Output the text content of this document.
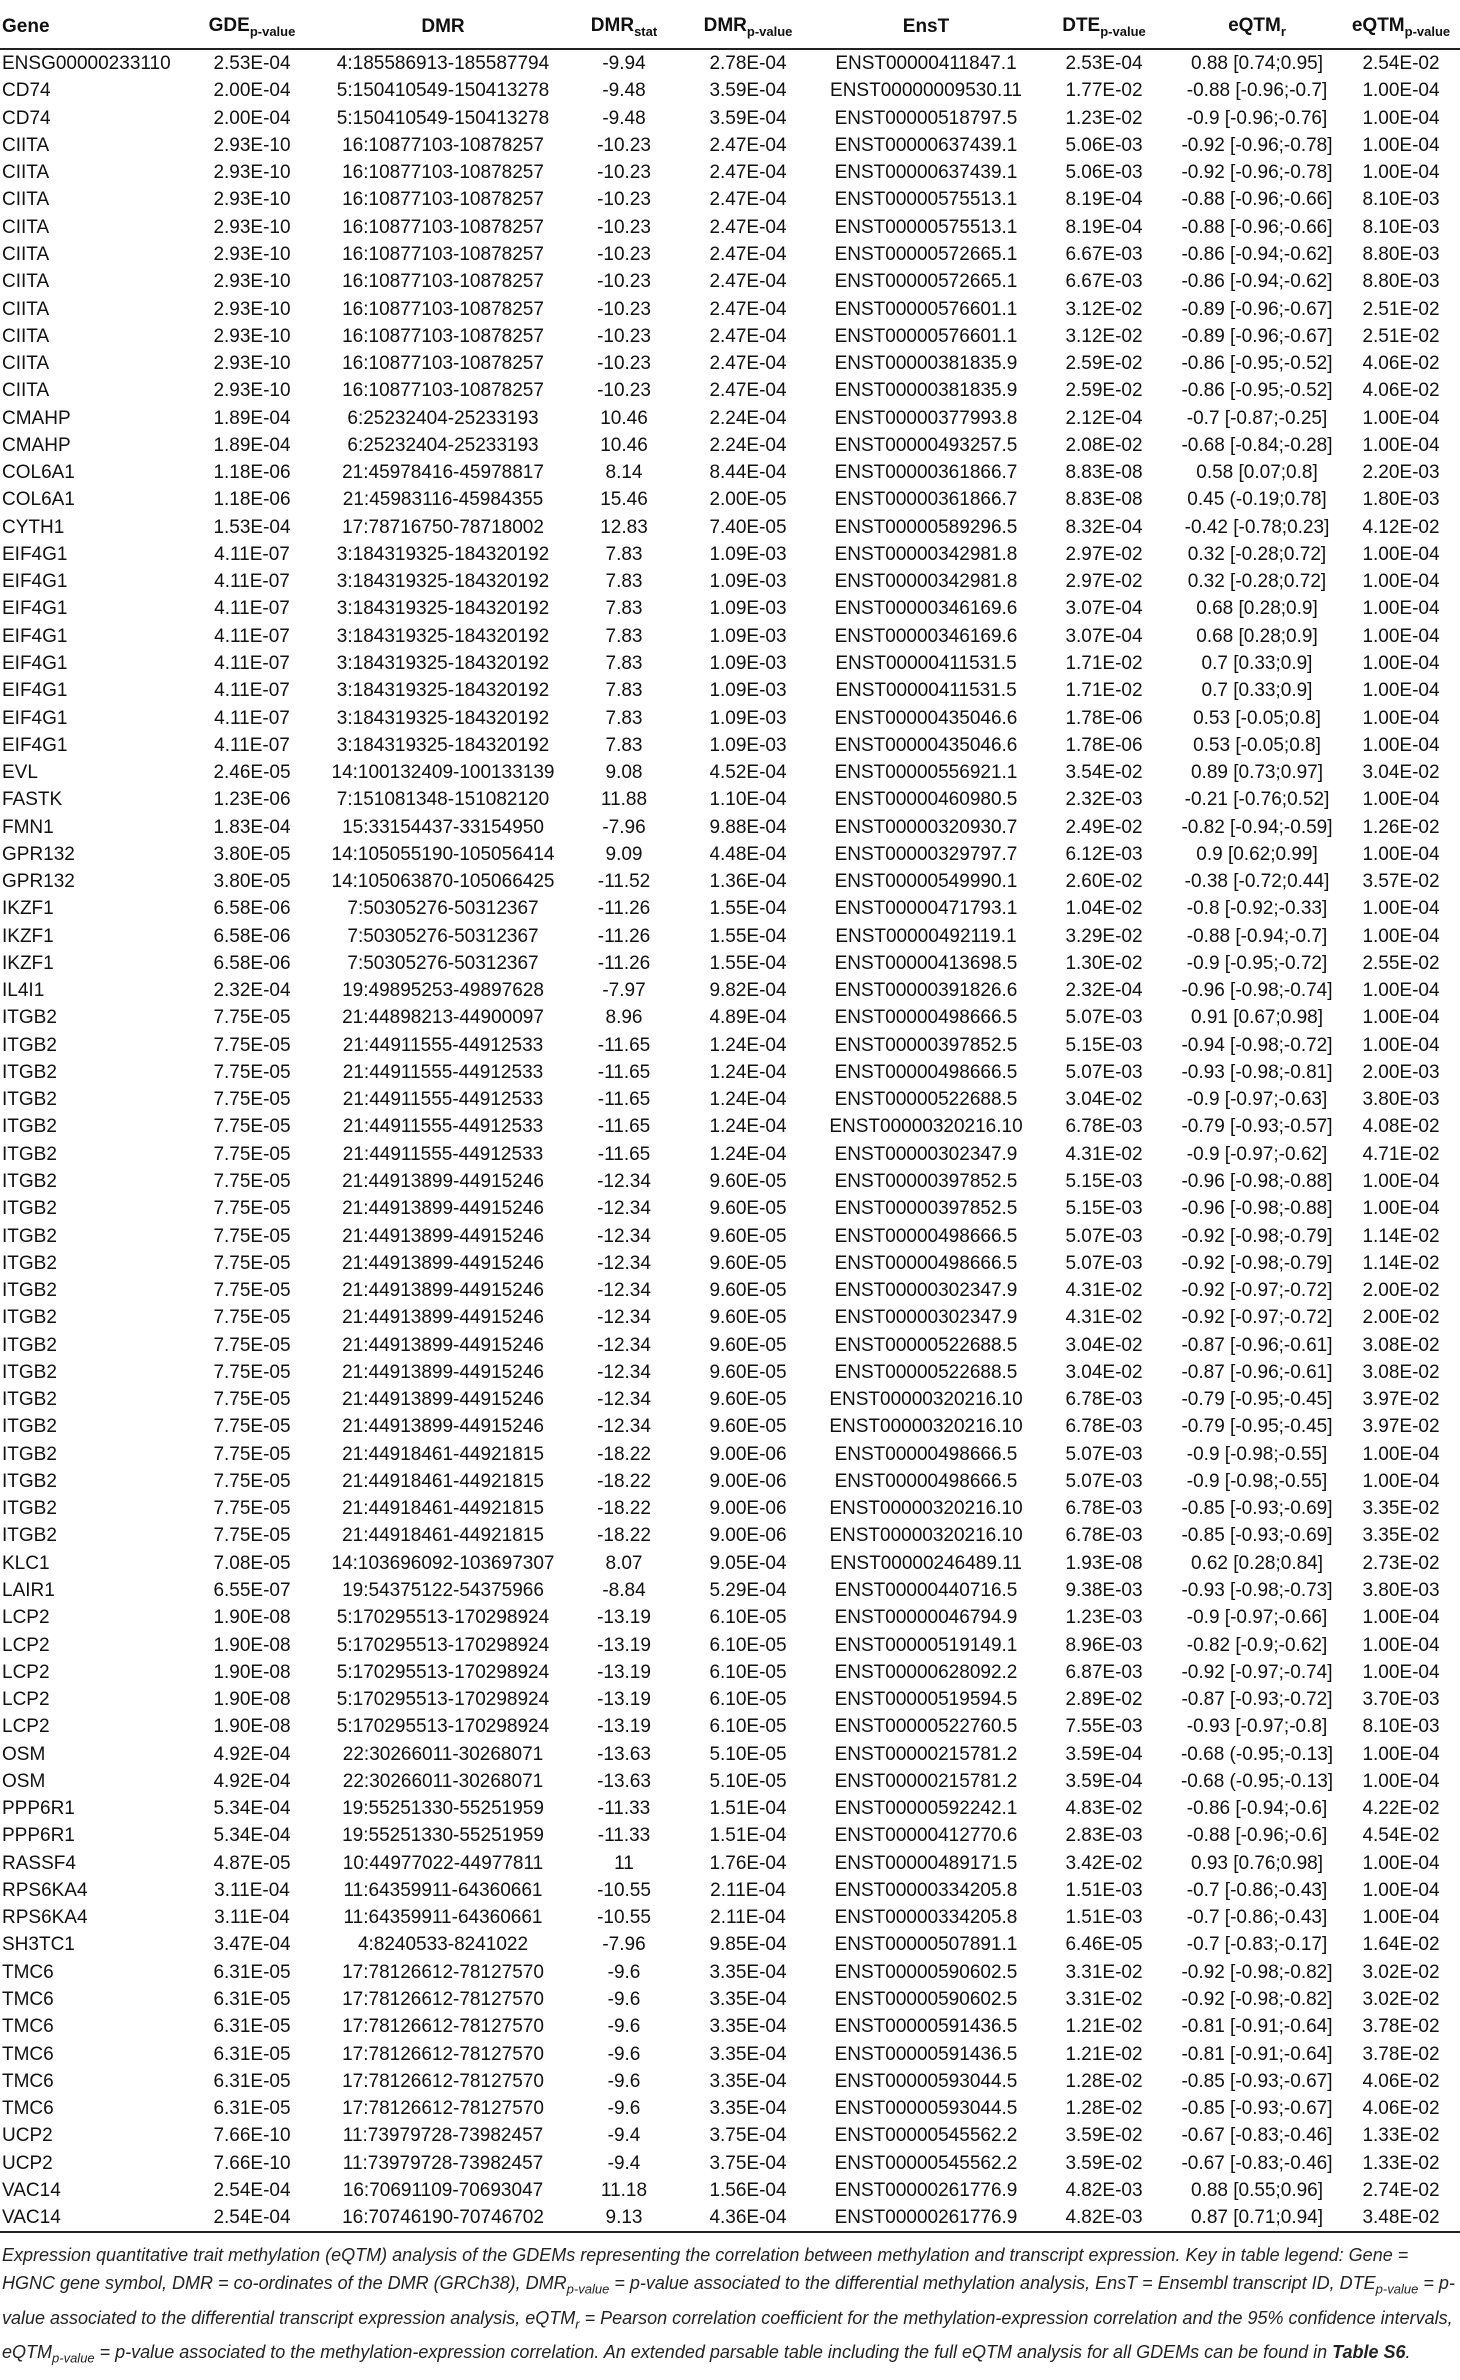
Gene	$GDE_{p-value}$	DMR	$DMR_{stat}$	$DMR_{p-value}$	EnsT	$DTE_{p-value}$	eQTM$_r$	eQTM$_{p-value}$
ENSG00000233110	2.53E-04	4:185586913-185587794	-9.94	2.78E-04	ENST00000411847.1	2.53E-04	0.88 [0.74;0.95]	2.54E-02
CD74	2.00E-04	5:150410549-150413278	-9.48	3.59E-04	ENST00000009530.11	1.77E-02	-0.88 [-0.96;-0.7]	1.00E-04
CD74	2.00E-04	5:150410549-150413278	-9.48	3.59E-04	ENST00000518797.5	1.23E-02	-0.9 [-0.96;-0.76]	1.00E-04
CIITA	2.93E-10	16:10877103-10878257	-10.23	2.47E-04	ENST00000637439.1	5.06E-03	-0.92 [-0.96;-0.78]	1.00E-04
CIITA	2.93E-10	16:10877103-10878257	-10.23	2.47E-04	ENST00000637439.1	5.06E-03	-0.92 [-0.96;-0.78]	1.00E-04
CIITA	2.93E-10	16:10877103-10878257	-10.23	2.47E-04	ENST00000575513.1	8.19E-04	-0.88 [-0.96;-0.66]	8.10E-03
CIITA	2.93E-10	16:10877103-10878257	-10.23	2.47E-04	ENST00000575513.1	8.19E-04	-0.88 [-0.96;-0.66]	8.10E-03
CIITA	2.93E-10	16:10877103-10878257	-10.23	2.47E-04	ENST00000572665.1	6.67E-03	-0.86 [-0.94;-0.62]	8.80E-03
CIITA	2.93E-10	16:10877103-10878257	-10.23	2.47E-04	ENST00000572665.1	6.67E-03	-0.86 [-0.94;-0.62]	8.80E-03
CIITA	2.93E-10	16:10877103-10878257	-10.23	2.47E-04	ENST00000576601.1	3.12E-02	-0.89 [-0.96;-0.67]	2.51E-02
CIITA	2.93E-10	16:10877103-10878257	-10.23	2.47E-04	ENST00000576601.1	3.12E-02	-0.89 [-0.96;-0.67]	2.51E-02
CIITA	2.93E-10	16:10877103-10878257	-10.23	2.47E-04	ENST00000381835.9	2.59E-02	-0.86 [-0.95;-0.52]	4.06E-02
CIITA	2.93E-10	16:10877103-10878257	-10.23	2.47E-04	ENST00000381835.9	2.59E-02	-0.86 [-0.95;-0.52]	4.06E-02
CMAHP	1.89E-04	6:25232404-25233193	10.46	2.24E-04	ENST00000377993.8	2.12E-04	-0.7 [-0.87;-0.25]	1.00E-04
CMAHP	1.89E-04	6:25232404-25233193	10.46	2.24E-04	ENST00000493257.5	2.08E-02	-0.68 [-0.84;-0.28]	1.00E-04
COL6A1	1.18E-06	21:45978416-45978817	8.14	8.44E-04	ENST00000361866.7	8.83E-08	0.58 [0.07;0.8]	2.20E-03
COL6A1	1.18E-06	21:45983116-45984355	15.46	2.00E-05	ENST00000361866.7	8.83E-08	0.45 (-0.19;0.78]	1.80E-03
CYTH1	1.53E-04	17:78716750-78718002	12.83	7.40E-05	ENST00000589296.5	8.32E-04	-0.42 [-0.78;0.23]	4.12E-02
EIF4G1	4.11E-07	3:184319325-184320192	7.83	1.09E-03	ENST00000342981.8	2.97E-02	0.32 [-0.28;0.72]	1.00E-04
EIF4G1	4.11E-07	3:184319325-184320192	7.83	1.09E-03	ENST00000342981.8	2.97E-02	0.32 [-0.28;0.72]	1.00E-04
EIF4G1	4.11E-07	3:184319325-184320192	7.83	1.09E-03	ENST00000346169.6	3.07E-04	0.68 [0.28;0.9]	1.00E-04
EIF4G1	4.11E-07	3:184319325-184320192	7.83	1.09E-03	ENST00000346169.6	3.07E-04	0.68 [0.28;0.9]	1.00E-04
EIF4G1	4.11E-07	3:184319325-184320192	7.83	1.09E-03	ENST00000411531.5	1.71E-02	0.7 [0.33;0.9]	1.00E-04
EIF4G1	4.11E-07	3:184319325-184320192	7.83	1.09E-03	ENST00000411531.5	1.71E-02	0.7 [0.33;0.9]	1.00E-04
EIF4G1	4.11E-07	3:184319325-184320192	7.83	1.09E-03	ENST00000435046.6	1.78E-06	0.53 [-0.05;0.8]	1.00E-04
EIF4G1	4.11E-07	3:184319325-184320192	7.83	1.09E-03	ENST00000435046.6	1.78E-06	0.53 [-0.05;0.8]	1.00E-04
EVL	2.46E-05	14:100132409-100133139	9.08	4.52E-04	ENST00000556921.1	3.54E-02	0.89 [0.73;0.97]	3.04E-02
FASTK	1.23E-06	7:151081348-151082120	11.88	1.10E-04	ENST00000460980.5	2.32E-03	-0.21 [-0.76;0.52]	1.00E-04
FMN1	1.83E-04	15:33154437-33154950	-7.96	9.88E-04	ENST00000320930.7	2.49E-02	-0.82 [-0.94;-0.59]	1.26E-02
GPR132	3.80E-05	14:105055190-105056414	9.09	4.48E-04	ENST00000329797.7	6.12E-03	0.9 [0.62;0.99]	1.00E-04
GPR132	3.80E-05	14:105063870-105066425	-11.52	1.36E-04	ENST00000549990.1	2.60E-02	-0.38 [-0.72;0.44]	3.57E-02
IKZF1	6.58E-06	7:50305276-50312367	-11.26	1.55E-04	ENST00000471793.1	1.04E-02	-0.8 [-0.92;-0.33]	1.00E-04
IKZF1	6.58E-06	7:50305276-50312367	-11.26	1.55E-04	ENST00000492119.1	3.29E-02	-0.88 [-0.94;-0.7]	1.00E-04
IKZF1	6.58E-06	7:50305276-50312367	-11.26	1.55E-04	ENST00000413698.5	1.30E-02	-0.9 [-0.95;-0.72]	2.55E-02
IL4I1	2.32E-04	19:49895253-49897628	-7.97	9.82E-04	ENST00000391826.6	2.32E-04	-0.96 [-0.98;-0.74]	1.00E-04
ITGB2	7.75E-05	21:44898213-44900097	8.96	4.89E-04	ENST00000498666.5	5.07E-03	0.91 [0.67;0.98]	1.00E-04
ITGB2	7.75E-05	21:44911555-44912533	-11.65	1.24E-04	ENST00000397852.5	5.15E-03	-0.94 [-0.98;-0.72]	1.00E-04
ITGB2	7.75E-05	21:44911555-44912533	-11.65	1.24E-04	ENST00000498666.5	5.07E-03	-0.93 [-0.98;-0.81]	2.00E-03
ITGB2	7.75E-05	21:44911555-44912533	-11.65	1.24E-04	ENST00000522688.5	3.04E-02	-0.9 [-0.97;-0.63]	3.80E-03
ITGB2	7.75E-05	21:44911555-44912533	-11.65	1.24E-04	ENST00000320216.10	6.78E-03	-0.79 [-0.93;-0.57]	4.08E-02
ITGB2	7.75E-05	21:44911555-44912533	-11.65	1.24E-04	ENST00000302347.9	4.31E-02	-0.9 [-0.97;-0.62]	4.71E-02
ITGB2	7.75E-05	21:44913899-44915246	-12.34	9.60E-05	ENST00000397852.5	5.15E-03	-0.96 [-0.98;-0.88]	1.00E-04
ITGB2	7.75E-05	21:44913899-44915246	-12.34	9.60E-05	ENST00000397852.5	5.15E-03	-0.96 [-0.98;-0.88]	1.00E-04
ITGB2	7.75E-05	21:44913899-44915246	-12.34	9.60E-05	ENST00000498666.5	5.07E-03	-0.92 [-0.98;-0.79]	1.14E-02
ITGB2	7.75E-05	21:44913899-44915246	-12.34	9.60E-05	ENST00000498666.5	5.07E-03	-0.92 [-0.98;-0.79]	1.14E-02
ITGB2	7.75E-05	21:44913899-44915246	-12.34	9.60E-05	ENST00000302347.9	4.31E-02	-0.92 [-0.97;-0.72]	2.00E-02
ITGB2	7.75E-05	21:44913899-44915246	-12.34	9.60E-05	ENST00000302347.9	4.31E-02	-0.92 [-0.97;-0.72]	2.00E-02
ITGB2	7.75E-05	21:44913899-44915246	-12.34	9.60E-05	ENST00000522688.5	3.04E-02	-0.87 [-0.96;-0.61]	3.08E-02
ITGB2	7.75E-05	21:44913899-44915246	-12.34	9.60E-05	ENST00000522688.5	3.04E-02	-0.87 [-0.96;-0.61]	3.08E-02
ITGB2	7.75E-05	21:44913899-44915246	-12.34	9.60E-05	ENST00000320216.10	6.78E-03	-0.79 [-0.95;-0.45]	3.97E-02
ITGB2	7.75E-05	21:44913899-44915246	-12.34	9.60E-05	ENST00000320216.10	6.78E-03	-0.79 [-0.95;-0.45]	3.97E-02
ITGB2	7.75E-05	21:44918461-44921815	-18.22	9.00E-06	ENST00000498666.5	5.07E-03	-0.9 [-0.98;-0.55]	1.00E-04
ITGB2	7.75E-05	21:44918461-44921815	-18.22	9.00E-06	ENST00000498666.5	5.07E-03	-0.9 [-0.98;-0.55]	1.00E-04
ITGB2	7.75E-05	21:44918461-44921815	-18.22	9.00E-06	ENST00000320216.10	6.78E-03	-0.85 [-0.93;-0.69]	3.35E-02
ITGB2	7.75E-05	21:44918461-44921815	-18.22	9.00E-06	ENST00000320216.10	6.78E-03	-0.85 [-0.93;-0.69]	3.35E-02
KLC1	7.08E-05	14:103696092-103697307	8.07	9.05E-04	ENST00000246489.11	1.93E-08	0.62 [0.28;0.84]	2.73E-02
LAIR1	6.55E-07	19:54375122-54375966	-8.84	5.29E-04	ENST00000440716.5	9.38E-03	-0.93 [-0.98;-0.73]	3.80E-03
LCP2	1.90E-08	5:170295513-170298924	-13.19	6.10E-05	ENST00000046794.9	1.23E-03	-0.9 [-0.97;-0.66]	1.00E-04
LCP2	1.90E-08	5:170295513-170298924	-13.19	6.10E-05	ENST00000519149.1	8.96E-03	-0.82 [-0.9;-0.62]	1.00E-04
LCP2	1.90E-08	5:170295513-170298924	-13.19	6.10E-05	ENST00000628092.2	6.87E-03	-0.92 [-0.97;-0.74]	1.00E-04
LCP2	1.90E-08	5:170295513-170298924	-13.19	6.10E-05	ENST00000519594.5	2.89E-02	-0.87 [-0.93;-0.72]	3.70E-03
LCP2	1.90E-08	5:170295513-170298924	-13.19	6.10E-05	ENST00000522760.5	7.55E-03	-0.93 [-0.97;-0.8]	8.10E-03
OSM	4.92E-04	22:30266011-30268071	-13.63	5.10E-05	ENST00000215781.2	3.59E-04	-0.68 (-0.95;-0.13]	1.00E-04
OSM	4.92E-04	22:30266011-30268071	-13.63	5.10E-05	ENST00000215781.2	3.59E-04	-0.68 (-0.95;-0.13]	1.00E-04
PPP6R1	5.34E-04	19:55251330-55251959	-11.33	1.51E-04	ENST00000592242.1	4.83E-02	-0.86 [-0.94;-0.6]	4.22E-02
PPP6R1	5.34E-04	19:55251330-55251959	-11.33	1.51E-04	ENST00000412770.6	2.83E-03	-0.88 [-0.96;-0.6]	4.54E-02
RASSF4	4.87E-05	10:44977022-44977811	11	1.76E-04	ENST00000489171.5	3.42E-02	0.93 [0.76;0.98]	1.00E-04
RPS6KA4	3.11E-04	11:64359911-64360661	-10.55	2.11E-04	ENST00000334205.8	1.51E-03	-0.7 [-0.86;-0.43]	1.00E-04
RPS6KA4	3.11E-04	11:64359911-64360661	-10.55	2.11E-04	ENST00000334205.8	1.51E-03	-0.7 [-0.86;-0.43]	1.00E-04
SH3TC1	3.47E-04	4:8240533-8241022	-7.96	9.85E-04	ENST00000507891.1	6.46E-05	-0.7 [-0.83;-0.17]	1.64E-02
TMC6	6.31E-05	17:78126612-78127570	-9.6	3.35E-04	ENST00000590602.5	3.31E-02	-0.92 [-0.98;-0.82]	3.02E-02
TMC6	6.31E-05	17:78126612-78127570	-9.6	3.35E-04	ENST00000590602.5	3.31E-02	-0.92 [-0.98;-0.82]	3.02E-02
TMC6	6.31E-05	17:78126612-78127570	-9.6	3.35E-04	ENST00000591436.5	1.21E-02	-0.81 [-0.91;-0.64]	3.78E-02
TMC6	6.31E-05	17:78126612-78127570	-9.6	3.35E-04	ENST00000591436.5	1.21E-02	-0.81 [-0.91;-0.64]	3.78E-02
TMC6	6.31E-05	17:78126612-78127570	-9.6	3.35E-04	ENST00000593044.5	1.28E-02	-0.85 [-0.93;-0.67]	4.06E-02
TMC6	6.31E-05	17:78126612-78127570	-9.6	3.35E-04	ENST00000593044.5	1.28E-02	-0.85 [-0.93;-0.67]	4.06E-02
UCP2	7.66E-10	11:73979728-73982457	-9.4	3.75E-04	ENST00000545562.2	3.59E-02	-0.67 [-0.83;-0.46]	1.33E-02
UCP2	7.66E-10	11:73979728-73982457	-9.4	3.75E-04	ENST00000545562.2	3.59E-02	-0.67 [-0.83;-0.46]	1.33E-02
VAC14	2.54E-04	16:70691109-70693047	11.18	1.56E-04	ENST00000261776.9	4.82E-03	0.88 [0.55;0.96]	2.74E-02
VAC14	2.54E-04	16:70746190-70746702	9.13	4.36E-04	ENST00000261776.9	4.82E-03	0.87 [0.71;0.94]	3.48E-02

Expression quantitative trait methylation (eQTM) analysis of the GDEMs representing the correlation between methylation and transcript expression. Key in table legend: Gene = HGNC gene symbol, DMR = co-ordinates of the DMR (GRCh38), $DMR_{p-value}$ = p-value associated to the differential methylation analysis, EnsT = Ensembl transcript ID, $DTE_{p-value}$ = p-value associated to the differential transcript expression analysis, eQTM$_r$ = Pearson correlation coefficient for the methylation-expression correlation and the 95% confidence intervals, eQTM$_{p-value}$ = p-value associated to the methylation-expression correlation. An extended parsable table including the full eQTM analysis for all GDEMs can be found in Table S6.
